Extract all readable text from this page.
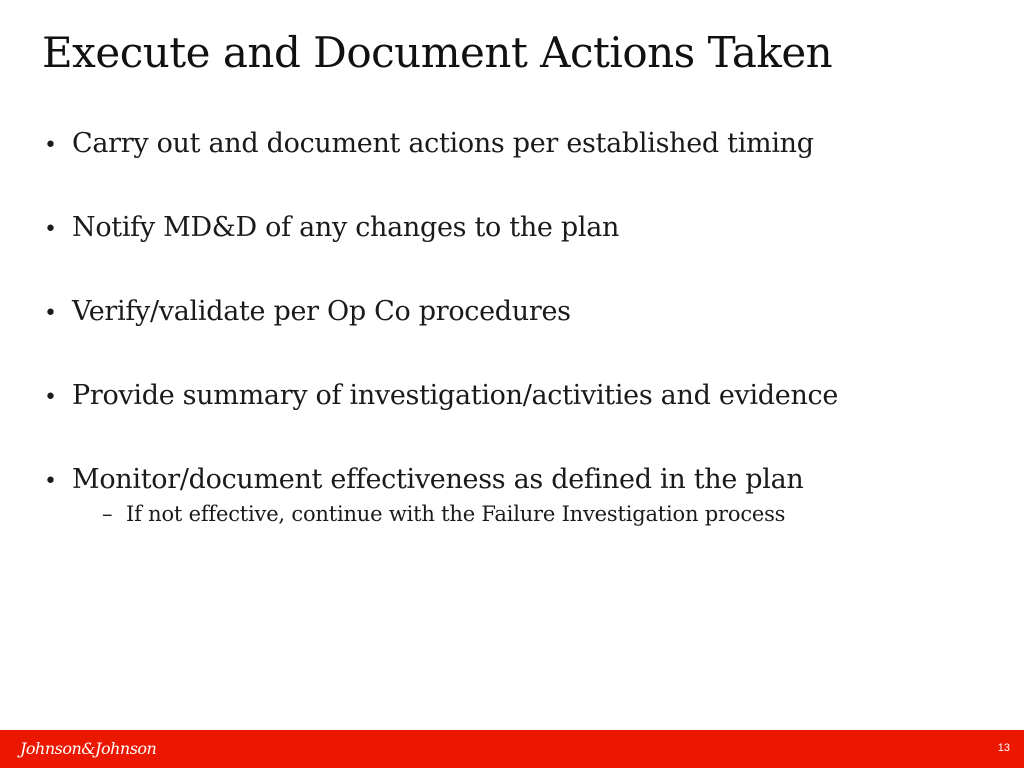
Execute and Document Actions Taken
• Carry out and document actions per established timing
• Notify MD&D of any changes to the plan
• Verify/validate per Op Co procedures
• Provide summary of investigation/activities and evidence
• Monitor/document effectiveness as defined in the plan
– If not effective, continue with the Failure Investigation process
Johnson&Johnson	13
